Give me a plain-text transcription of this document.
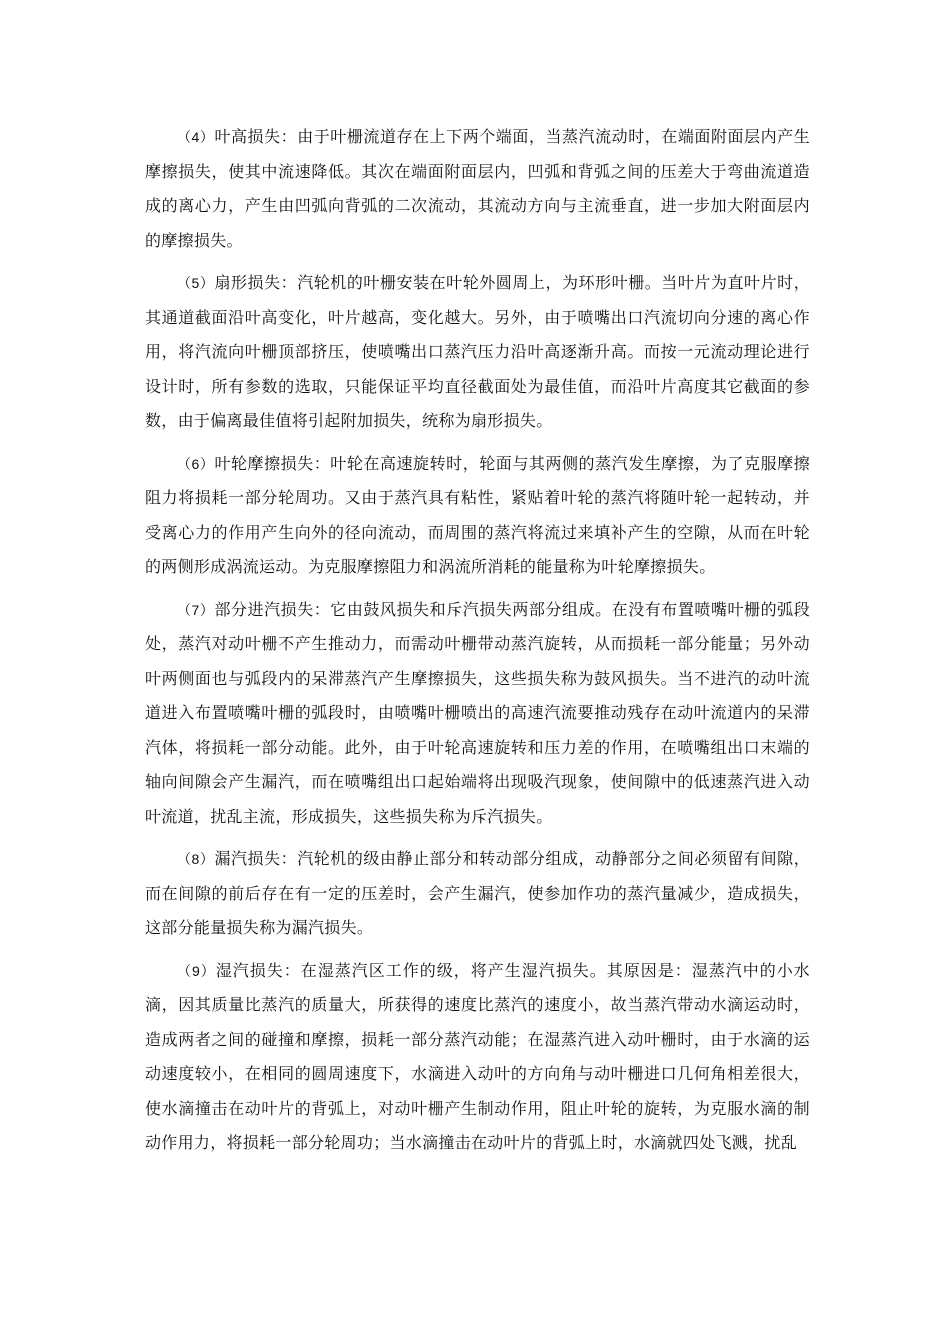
（4）叶高损失：由于叶栅流道存在上下两个端面，当蒸汽流动时，在端面附面层内产生摩擦损失，使其中流速降低。其次在端面附面层内，凹弧和背弧之间的压差大于弯曲流道造成的离心力，产生由凹弧向背弧的二次流动，其流动方向与主流垂直，进一步加大附面层内的摩擦损失。

（5）扇形损失：汽轮机的叶栅安装在叶轮外圆周上，为环形叶栅。当叶片为直叶片时，其通道截面沿叶高变化，叶片越高，变化越大。另外，由于喷嘴出口汽流切向分速的离心作用，将汽流向叶栅顶部挤压，使喷嘴出口蒸汽压力沿叶高逐渐升高。而按一元流动理论进行设计时，所有参数的选取，只能保证平均直径截面处为最佳值，而沿叶片高度其它截面的参数，由于偏离最佳值将引起附加损失，统称为扇形损失。

（6）叶轮摩擦损失：叶轮在高速旋转时，轮面与其两侧的蒸汽发生摩擦，为了克服摩擦阻力将损耗一部分轮周功。又由于蒸汽具有粘性，紧贴着叶轮的蒸汽将随叶轮一起转动，并受离心力的作用产生向外的径向流动，而周围的蒸汽将流过来填补产生的空隙，从而在叶轮的两侧形成涡流运动。为克服摩擦阻力和涡流所消耗的能量称为叶轮摩擦损失。

（7）部分进汽损失：它由鼓风损失和斥汽损失两部分组成。在没有布置喷嘴叶栅的弧段处，蒸汽对动叶栅不产生推动力，而需动叶栅带动蒸汽旋转，从而损耗一部分能量；另外动叶两侧面也与弧段内的呆滞蒸汽产生摩擦损失，这些损失称为鼓风损失。当不进汽的动叶流道进入布置喷嘴叶栅的弧段时，由喷嘴叶栅喷出的高速汽流要推动残存在动叶流道内的呆滞汽体，将损耗一部分动能。此外，由于叶轮高速旋转和压力差的作用，在喷嘴组出口末端的轴向间隙会产生漏汽，而在喷嘴组出口起始端将出现吸汽现象，使间隙中的低速蒸汽进入动叶流道，扰乱主流，形成损失，这些损失称为斥汽损失。

（8）漏汽损失：汽轮机的级由静止部分和转动部分组成，动静部分之间必须留有间隙，而在间隙的前后存在有一定的压差时，会产生漏汽，使参加作功的蒸汽量减少，造成损失，这部分能量损失称为漏汽损失。

（9）湿汽损失：在湿蒸汽区工作的级，将产生湿汽损失。其原因是：湿蒸汽中的小水滴，因其质量比蒸汽的质量大，所获得的速度比蒸汽的速度小，故当蒸汽带动水滴运动时，造成两者之间的碰撞和摩擦，损耗一部分蒸汽动能；在湿蒸汽进入动叶栅时，由于水滴的运动速度较小，在相同的圆周速度下，水滴进入动叶的方向角与动叶栅进口几何角相差很大，使水滴撞击在动叶片的背弧上，对动叶栅产生制动作用，阻止叶轮的旋转，为克服水滴的制动作用力，将损耗一部分轮周功；当水滴撞击在动叶片的背弧上时，水滴就四处飞溅，扰乱
